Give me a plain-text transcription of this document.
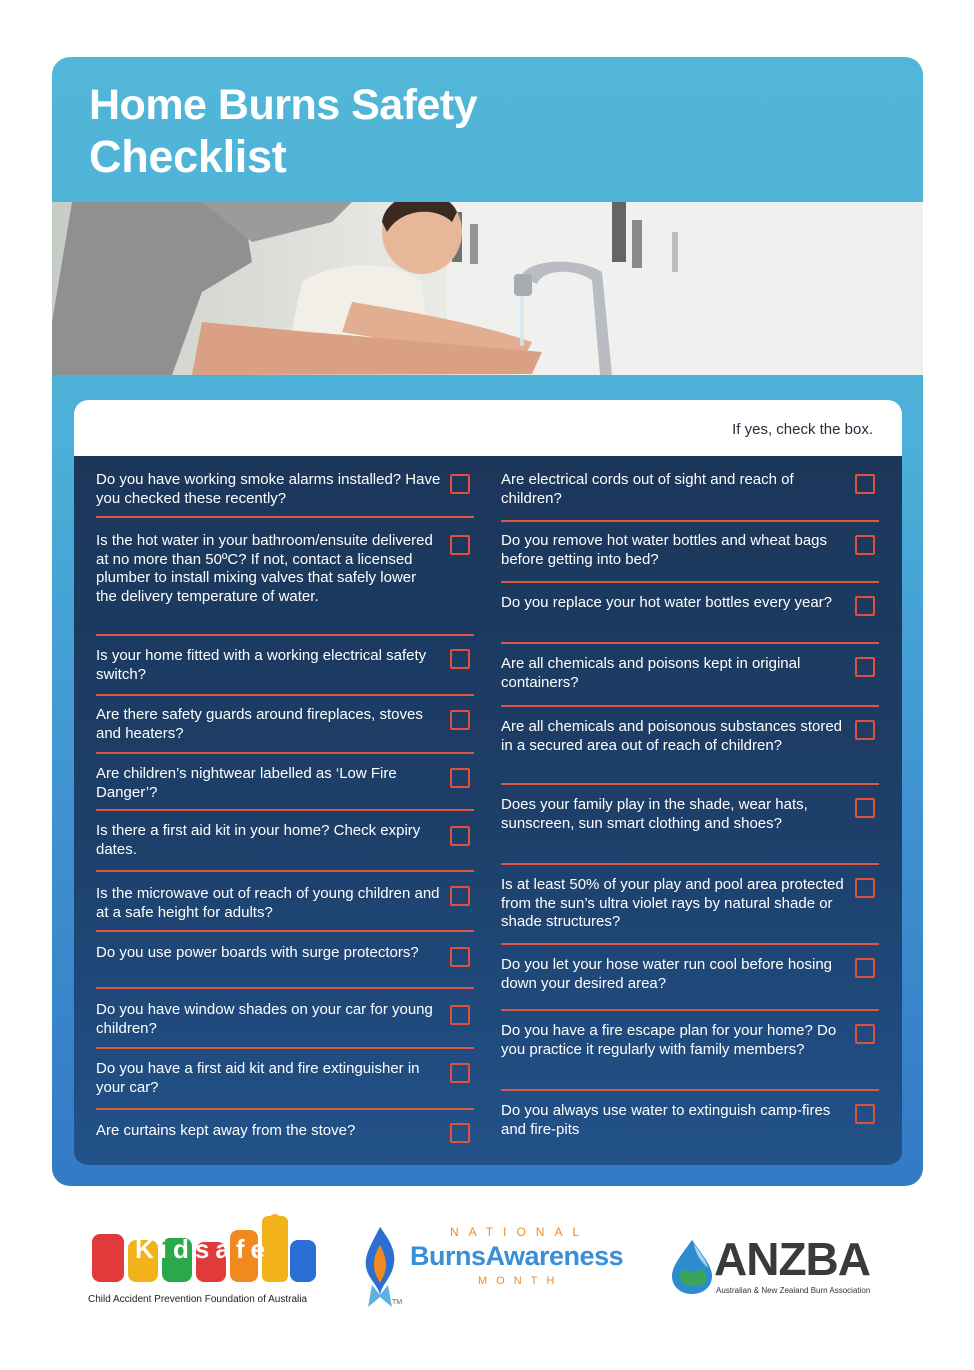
Home Burns Safety
Checklist
If yes, check the box.
Do you have working smoke alarms installed? Have you checked these recently?
Is the hot water in your bathroom/ensuite delivered at no more than 50ºC? If not, contact a licensed plumber to install mixing valves that safely lower the delivery temperature of water.
Is your home fitted with a working electrical safety switch?
Are there safety guards around fireplaces, stoves and heaters?
Are children’s nightwear labelled as ‘Low Fire Danger’?
Is there a first aid kit in your home? Check expiry dates.
Is the microwave out of reach of young children and at a safe height for adults?
Do you use power boards with surge protectors?
Do you have window shades on your car for young children?
Do you have a first aid kit and fire extinguisher in your car?
Are curtains kept away from the stove?
Are electrical cords out of sight and reach of children?
Do you remove hot water bottles and wheat bags before getting into bed?
Do you replace your hot water bottles every year?
Are all chemicals and poisons kept in original containers?
Are all chemicals and poisonous substances stored in a secured area out of reach of children?
Does your family play in the shade, wear hats, sunscreen, sun smart clothing and shoes?
Is at least 50% of your play and pool area protected from the sun’s ultra violet rays by natural shade or shade structures?
Do you let your hose water run cool before hosing down your desired area?
Do you have a fire escape plan for your home? Do you practice it regularly with family members?
Do you always use water to extinguish camp-fires and fire-pits
Kidsafe
Child Accident Prevention Foundation of Australia
NATIONAL
BurnsAwareness
MONTH
TM
ANZBA
Australian & New Zealand Burn Association
